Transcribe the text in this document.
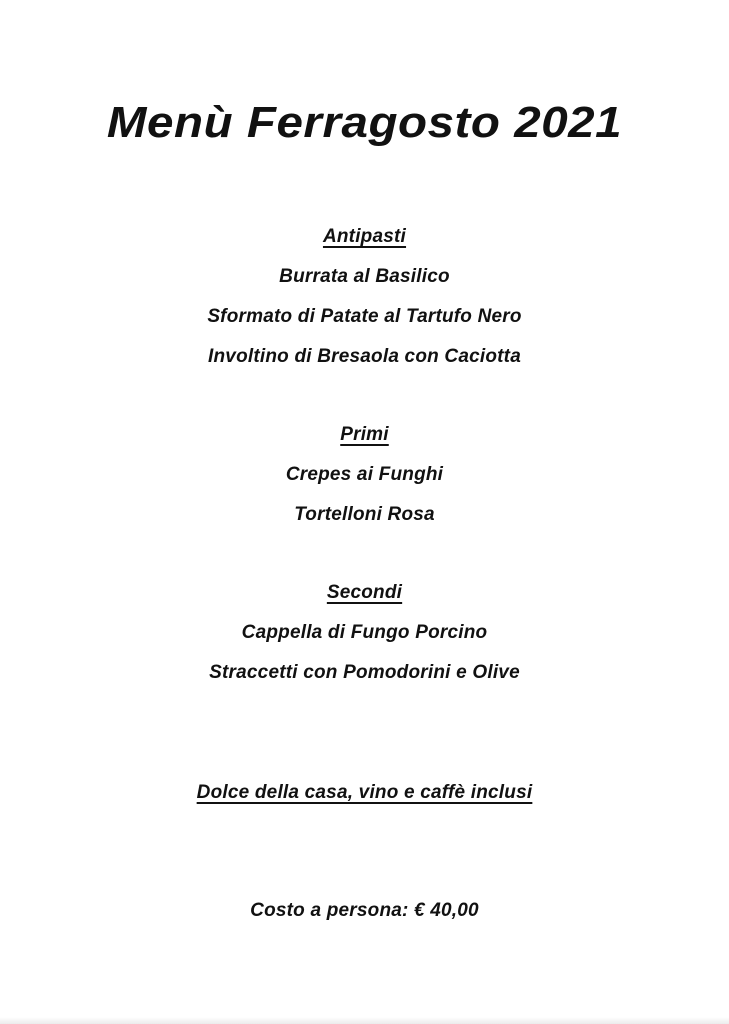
Menù Ferragosto 2021
Antipasti
Burrata al Basilico
Sformato di Patate al Tartufo Nero
Involtino di Bresaola con Caciotta
Primi
Crepes ai Funghi
Tortelloni Rosa
Secondi
Cappella di Fungo Porcino
Straccetti con Pomodorini e Olive
Dolce della casa, vino e caffè inclusi
Costo a persona: € 40,00
